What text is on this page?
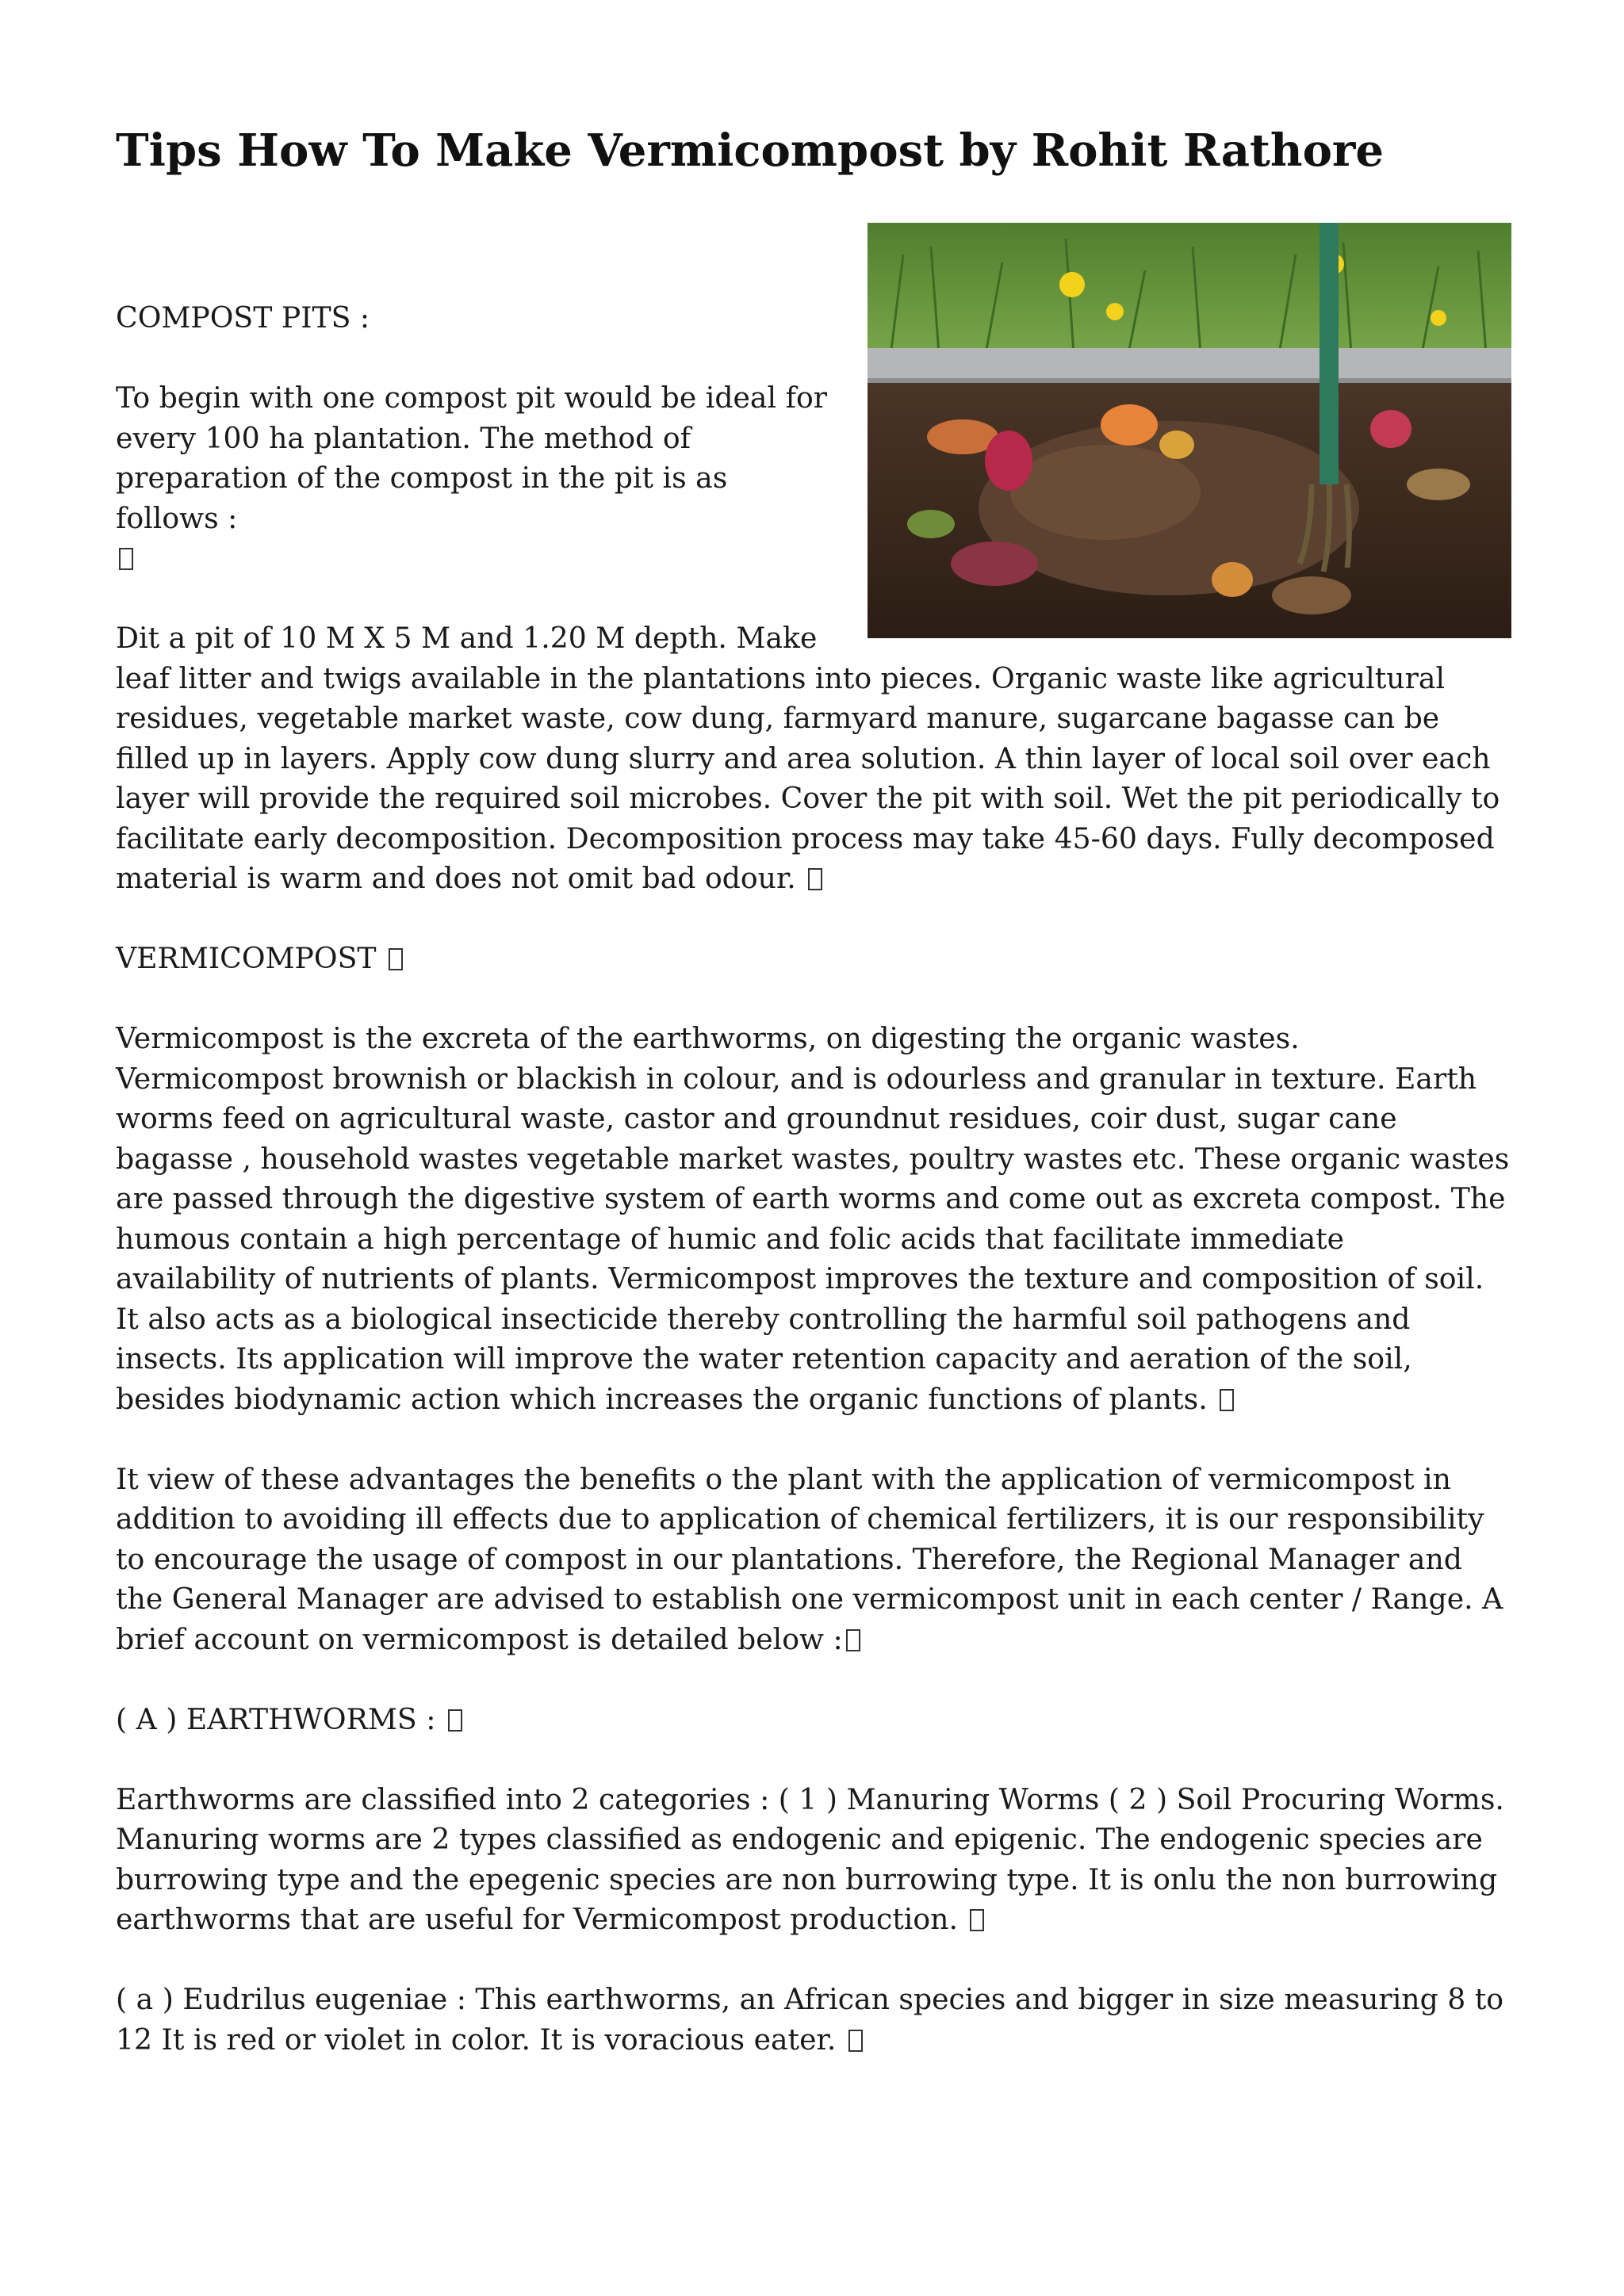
Tips How To Make Vermicompost by Rohit Rathore

COMPOST PITS :

To begin with one compost pit would be ideal for every 100 ha plantation. The method of preparation of the compost in the pit is as follows :

Dit a pit of 10 M X 5 M and 1.20 M depth. Make leaf litter and twigs available in the plantations into pieces. Organic waste like agricultural residues, vegetable market waste, cow dung, farmyard manure, sugarcane bagasse can be filled up in layers. Apply cow dung slurry and area solution. A thin layer of local soil over each layer will provide the required soil microbes. Cover the pit with soil. Wet the pit periodically to facilitate early decomposition. Decomposition process may take 45-60 days. Fully decomposed material is warm and does not omit bad odour.

VERMICOMPOST

Vermicompost is the excreta of the earthworms, on digesting the organic wastes. Vermicompost brownish or blackish in colour, and is odourless and granular in texture. Earth worms feed on agricultural waste, castor and groundnut residues, coir dust, sugar cane bagasse , household wastes vegetable market wastes, poultry wastes etc. These organic wastes are passed through the digestive system of earth worms and come out as excreta compost. The humous contain a high percentage of humic and folic acids that facilitate immediate availability of nutrients of plants. Vermicompost improves the texture and composition of soil. It also acts as a biological insecticide thereby controlling the harmful soil pathogens and insects. Its application will improve the water retention capacity and aeration of the soil, besides biodynamic action which increases the organic functions of plants.

It view of these advantages the benefits o the plant with the application of vermicompost in addition to avoiding ill effects due to application of chemical fertilizers, it is our responsibility to encourage the usage of compost in our plantations. Therefore, the Regional Manager and the General Manager are advised to establish one vermicompost unit in each center / Range. A brief account on vermicompost is detailed below :

( A ) EARTHWORMS :

Earthworms are classified into 2 categories : ( 1 ) Manuring Worms ( 2 ) Soil Procuring Worms. Manuring worms are 2 types classified as endogenic and epigenic. The endogenic species are burrowing type and the epegenic species are non burrowing type. It is onlu the non burrowing earthworms that are useful for Vermicompost production.

( a ) Eudrilus eugeniae : This earthworms, an African species and bigger in size measuring 8 to 12 It is red or violet in color. It is voracious eater.
